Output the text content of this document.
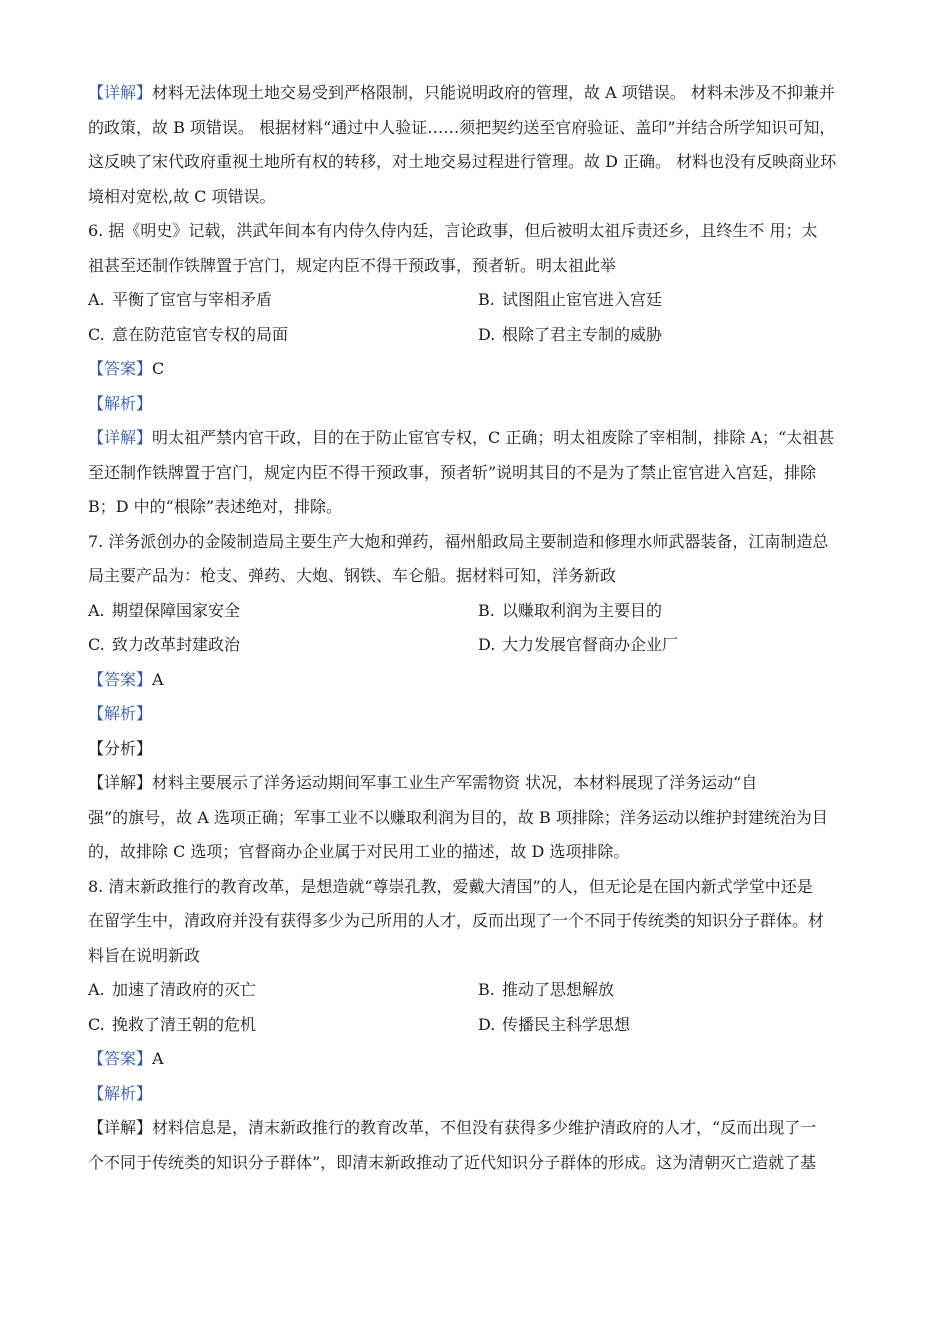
【详解】材料无法体现土地交易受到严格限制，只能说明政府的管理，故 A 项错误。 材料未涉及不抑兼并
的政策，故 B 项错误。 根据材料“通过中人验证……须把契约送至官府验证、盖印”并结合所学知识可知，
这反映了宋代政府重视土地所有权的转移，对土地交易过程进行管理。故 D 正确。 材料也没有反映商业环
境相对宽松,故 C 项错误。
6. 据《明史》记载，洪武年间本有内侍久侍内廷，言论政事，但后被明太祖斥责还乡，且终生不 用；太
祖甚至还制作铁牌置于宫门，规定内臣不得干预政事，预者斩。明太祖此举
A. 平衡了宦官与宰相矛盾	B. 试图阻止宦官进入宫廷
C. 意在防范宦官专权的局面	D. 根除了君主专制的威胁
【答案】C
【解析】
【详解】明太祖严禁内官干政，目的在于防止宦官专权，C 正确；明太祖废除了宰相制，排除 A；“太祖甚
至还制作铁牌置于宫门，规定内臣不得干预政事，预者斩”说明其目的不是为了禁止宦官进入宫廷，排除
B；D 中的“根除”表述绝对，排除。
7. 洋务派创办的金陵制造局主要生产大炮和弹药，福州船政局主要制造和修理水师武器装备，江南制造总
局主要产品为：枪支、弹药、大炮、钢铁、车仑船。据材料可知，洋务新政
A. 期望保障国家安全	B. 以赚取利润为主要目的
C. 致力改革封建政治	D. 大力发展官督商办企业厂
【答案】A
【解析】
【分析】
【详解】材料主要展示了洋务运动期间军事工业生产军需物资 状况，本材料展现了洋务运动“自
强”的旗号，故 A 选项正确；军事工业不以赚取利润为目的，故 B 项排除；洋务运动以维护封建统治为目
的，故排除 C 选项；官督商办企业属于对民用工业的描述，故 D 选项排除。
8. 清末新政推行的教育改革，是想造就“尊崇孔教，爱戴大清国”的人，但无论是在国内新式学堂中还是
在留学生中，清政府并没有获得多少为己所用的人才，反而出现了一个不同于传统类的知识分子群体。材
料旨在说明新政
A. 加速了清政府的灭亡	B. 推动了思想解放
C. 挽救了清王朝的危机	D. 传播民主科学思想
【答案】A
【解析】
【详解】材料信息是，清末新政推行的教育改革，不但没有获得多少维护清政府的人才，“反而出现了一
个不同于传统类的知识分子群体”，即清末新政推动了近代知识分子群体的形成。这为清朝灭亡造就了基
